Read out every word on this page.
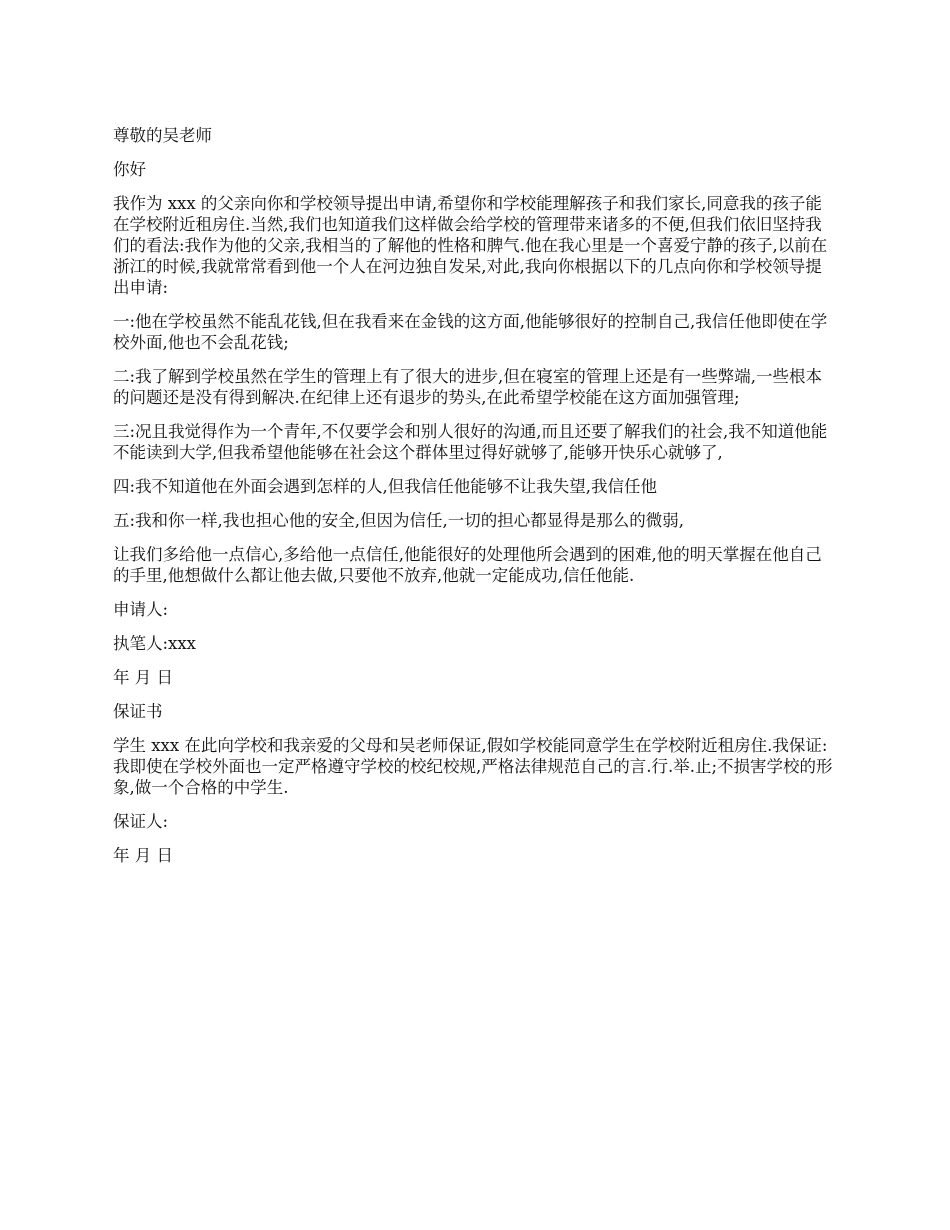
尊敬的吴老师

你好

我作为 xxx 的父亲向你和学校领导提出申请,希望你和学校能理解孩子和我们家长,同意我的孩子能在学校附近租房住.当然,我们也知道我们这样做会给学校的管理带来诸多的不便,但我们依旧坚持我们的看法:我作为他的父亲,我相当的了解他的性格和脾气.他在我心里是一个喜爱宁静的孩子,以前在浙江的时候,我就常常看到他一个人在河边独自发呆,对此,我向你根据以下的几点向你和学校领导提出申请:

一:他在学校虽然不能乱花钱,但在我看来在金钱的这方面,他能够很好的控制自己,我信任他即使在学校外面,他也不会乱花钱;

二:我了解到学校虽然在学生的管理上有了很大的进步,但在寝室的管理上还是有一些弊端,一些根本的问题还是没有得到解决.在纪律上还有退步的势头,在此希望学校能在这方面加强管理;

三:况且我觉得作为一个青年,不仅要学会和别人很好的沟通,而且还要了解我们的社会,我不知道他能不能读到大学,但我希望他能够在社会这个群体里过得好就够了,能够开快乐心就够了,

四:我不知道他在外面会遇到怎样的人,但我信任他能够不让我失望,我信任他

五:我和你一样,我也担心他的安全,但因为信任,一切的担心都显得是那么的微弱,

让我们多给他一点信心,多给他一点信任,他能很好的处理他所会遇到的困难,他的明天掌握在他自己的手里,他想做什么都让他去做,只要他不放弃,他就一定能成功,信任他能.

申请人:

执笔人:xxx

年 月 日

保证书

学生 xxx 在此向学校和我亲爱的父母和吴老师保证,假如学校能同意学生在学校附近租房住.我保证:我即使在学校外面也一定严格遵守学校的校纪校规,严格法律规范自己的言.行.举.止;不损害学校的形象,做一个合格的中学生.

保证人:

年 月 日
